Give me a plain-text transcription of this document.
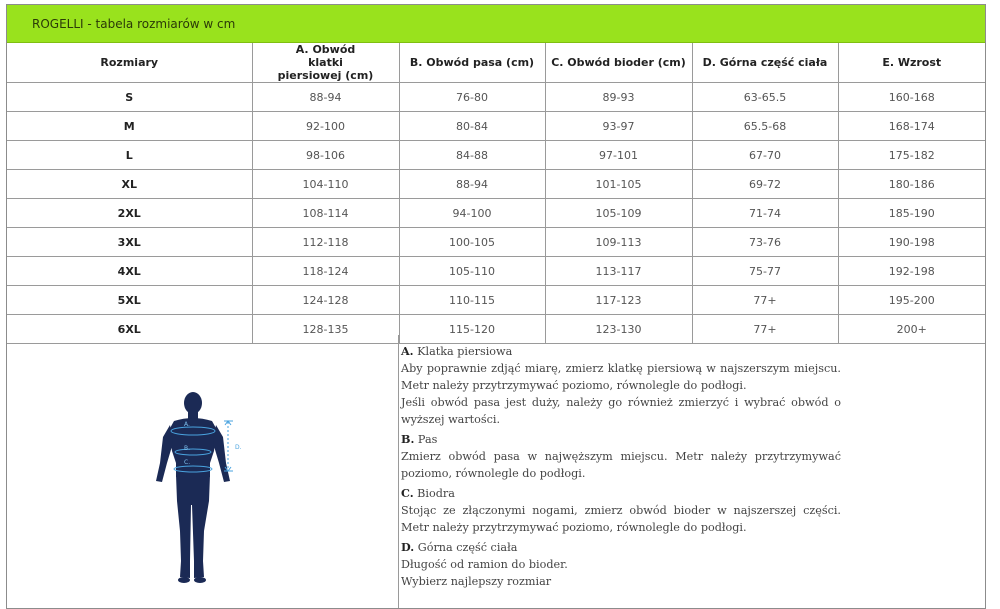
ROGELLI - tabela rozmiarów w cm
Rozmiary	A. Obwód klatki piersiowej (cm)	B. Obwód pasa (cm)	C. Obwód bioder (cm)	D. Górna część ciała	E. Wzrost
S	88-94	76-80	89-93	63-65.5	160-168
M	92-100	80-84	93-97	65.5-68	168-174
L	98-106	84-88	97-101	67-70	175-182
XL	104-110	88-94	101-105	69-72	180-186
2XL	108-114	94-100	105-109	71-74	185-190
3XL	112-118	100-105	109-113	73-76	190-198
4XL	118-124	105-110	113-117	75-77	192-198
5XL	124-128	110-115	117-123	77+	195-200
6XL	128-135	115-120	123-130	77+	200+
A.
B.
C.
D.
A. Klatka piersiowa

Aby poprawnie zdjąć miarę, zmierz klatkę piersiową w najszerszym miejscu. Metr należy przytrzymywać poziomo, równolegle do podłogi.

Jeśli obwód pasa jest duży, należy go również zmierzyć i wybrać obwód o wyższej wartości.

B. Pas

Zmierz obwód pasa w najwęższym miejscu. Metr należy przytrzymywać poziomo, równolegle do podłogi.

C. Biodra

Stojąc ze złączonymi nogami, zmierz obwód bioder w najszerszej części. Metr należy przytrzymywać poziomo, równolegle do podłogi.

D. Górna część ciała

Długość od ramion do bioder.

Wybierz najlepszy rozmiar
